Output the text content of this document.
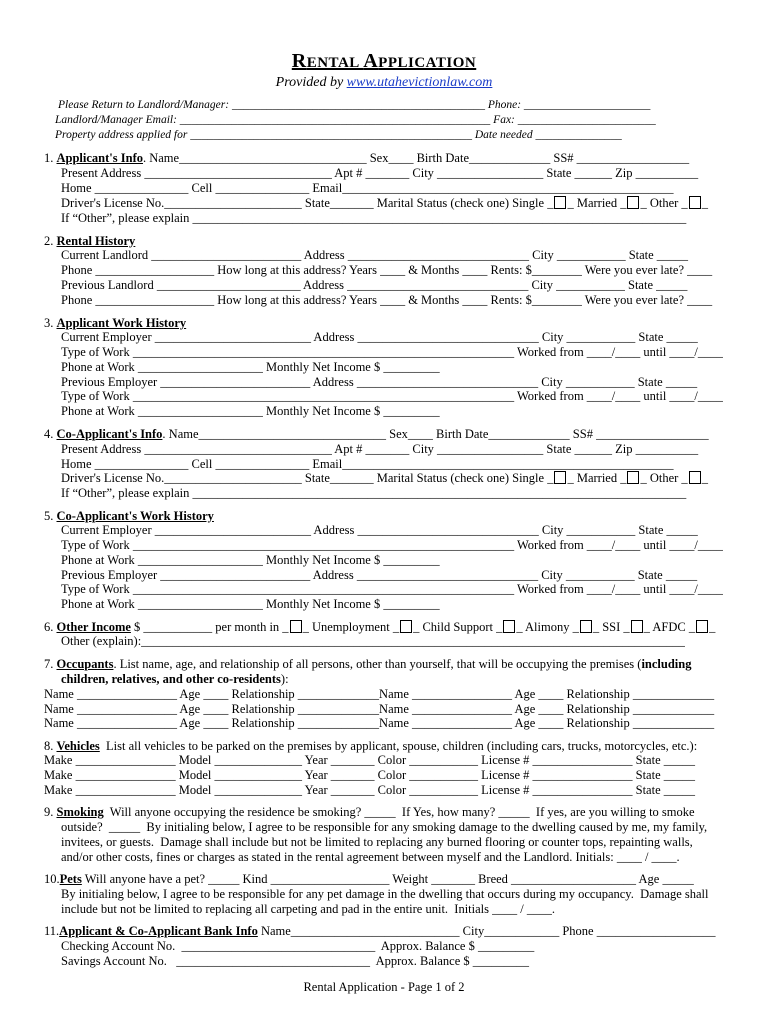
RENTAL APPLICATION
Provided by www.utahevictionlaw.com
Please Return to Landlord/Manager: ____________________________________________ Phone: ______________________
Landlord/Manager Email: ______________________________________________________ Fax: ________________________
Property address applied for _________________________________________________ Date needed _______________
1. Applicant's Info. Name______________________________ Sex____ Birth Date_____________ SS# __________________
Present Address ______________________________ Apt # _______ City _________________ State ______ Zip __________
Home _______________ Cell _______________ Email_____________________________________________________
Driver's License No.______________________ State_______ Marital Status (check one) Single _ _ Married _ _ Other _ _
If “Other”, please explain _______________________________________________________________________________
2. Rental History
Current Landlord ________________________ Address _____________________________ City ___________ State _____
Phone ___________________ How long at this address? Years ____ & Months ____ Rents: $________ Were you ever late? ____
Previous Landlord _______________________ Address _____________________________ City ___________ State _____
Phone ___________________ How long at this address? Years ____ & Months ____ Rents: $________ Were you ever late? ____
3. Applicant Work History
Current Employer _________________________ Address _____________________________ City ___________ State _____
Type of Work _____________________________________________________________ Worked from ____/____ until ____/____
Phone at Work ____________________ Monthly Net Income $ _________
Previous Employer ________________________ Address _____________________________ City ___________ State _____
Type of Work _____________________________________________________________ Worked from ____/____ until ____/____
Phone at Work ____________________ Monthly Net Income $ _________
4. Co-Applicant's Info. Name______________________________ Sex____ Birth Date_____________ SS# __________________
Present Address ______________________________ Apt # _______ City _________________ State ______ Zip __________
Home _______________ Cell _______________ Email_____________________________________________________
Driver's License No.______________________ State_______ Marital Status (check one) Single _ _ Married _ _ Other _ _
If “Other”, please explain _______________________________________________________________________________
5. Co-Applicant's Work History
Current Employer _________________________ Address _____________________________ City ___________ State _____
Type of Work _____________________________________________________________ Worked from ____/____ until ____/____
Phone at Work ____________________ Monthly Net Income $ _________
Previous Employer ________________________ Address _____________________________ City ___________ State _____
Type of Work _____________________________________________________________ Worked from ____/____ until ____/____
Phone at Work ____________________ Monthly Net Income $ _________
6. Other Income $ ___________ per month in _ _ Unemployment _ _ Child Support _ _ Alimony _ _ SSI _ _ AFDC _ _
Other (explain):_______________________________________________________________________________________
7. Occupants. List name, age, and relationship of all persons, other than yourself, that will be occupying the premises (including
children, relatives, and other co-residents):
Name ________________ Age ____ Relationship _____________Name ________________ Age ____ Relationship _____________
Name ________________ Age ____ Relationship _____________Name ________________ Age ____ Relationship _____________
Name ________________ Age ____ Relationship _____________Name ________________ Age ____ Relationship _____________
8. Vehicles  List all vehicles to be parked on the premises by applicant, spouse, children (including cars, trucks, motorcycles, etc.):
Make ________________ Model ______________ Year _______ Color ___________ License # ________________ State _____
Make ________________ Model ______________ Year _______ Color ___________ License # ________________ State _____
Make ________________ Model ______________ Year _______ Color ___________ License # ________________ State _____
9. Smoking  Will anyone occupying the residence be smoking? _____  If Yes, how many? _____  If yes, are you willing to smoke
outside?  _____  By initialing below, I agree to be responsible for any smoking damage to the dwelling caused by me, my family,
invitees, or guests.  Damage shall include but not be limited to replacing any burned flooring or counter tops, repainting walls,
and/or other costs, fines or charges as stated in the rental agreement between myself and the Landlord. Initials: ____ / ____.
10.Pets Will anyone have a pet? _____ Kind ___________________ Weight _______ Breed ____________________ Age _____
By initialing below, I agree to be responsible for any pet damage in the dwelling that occurs during my occupancy.  Damage shall
include but not be limited to replacing all carpeting and pad in the entire unit.  Initials ____ / ____.
11.Applicant & Co-Applicant Bank Info Name___________________________ City____________ Phone ___________________
Checking Account No.  _______________________________  Approx. Balance $ _________
Savings Account No.   _______________________________  Approx. Balance $ _________
Rental Application - Page 1 of 2
